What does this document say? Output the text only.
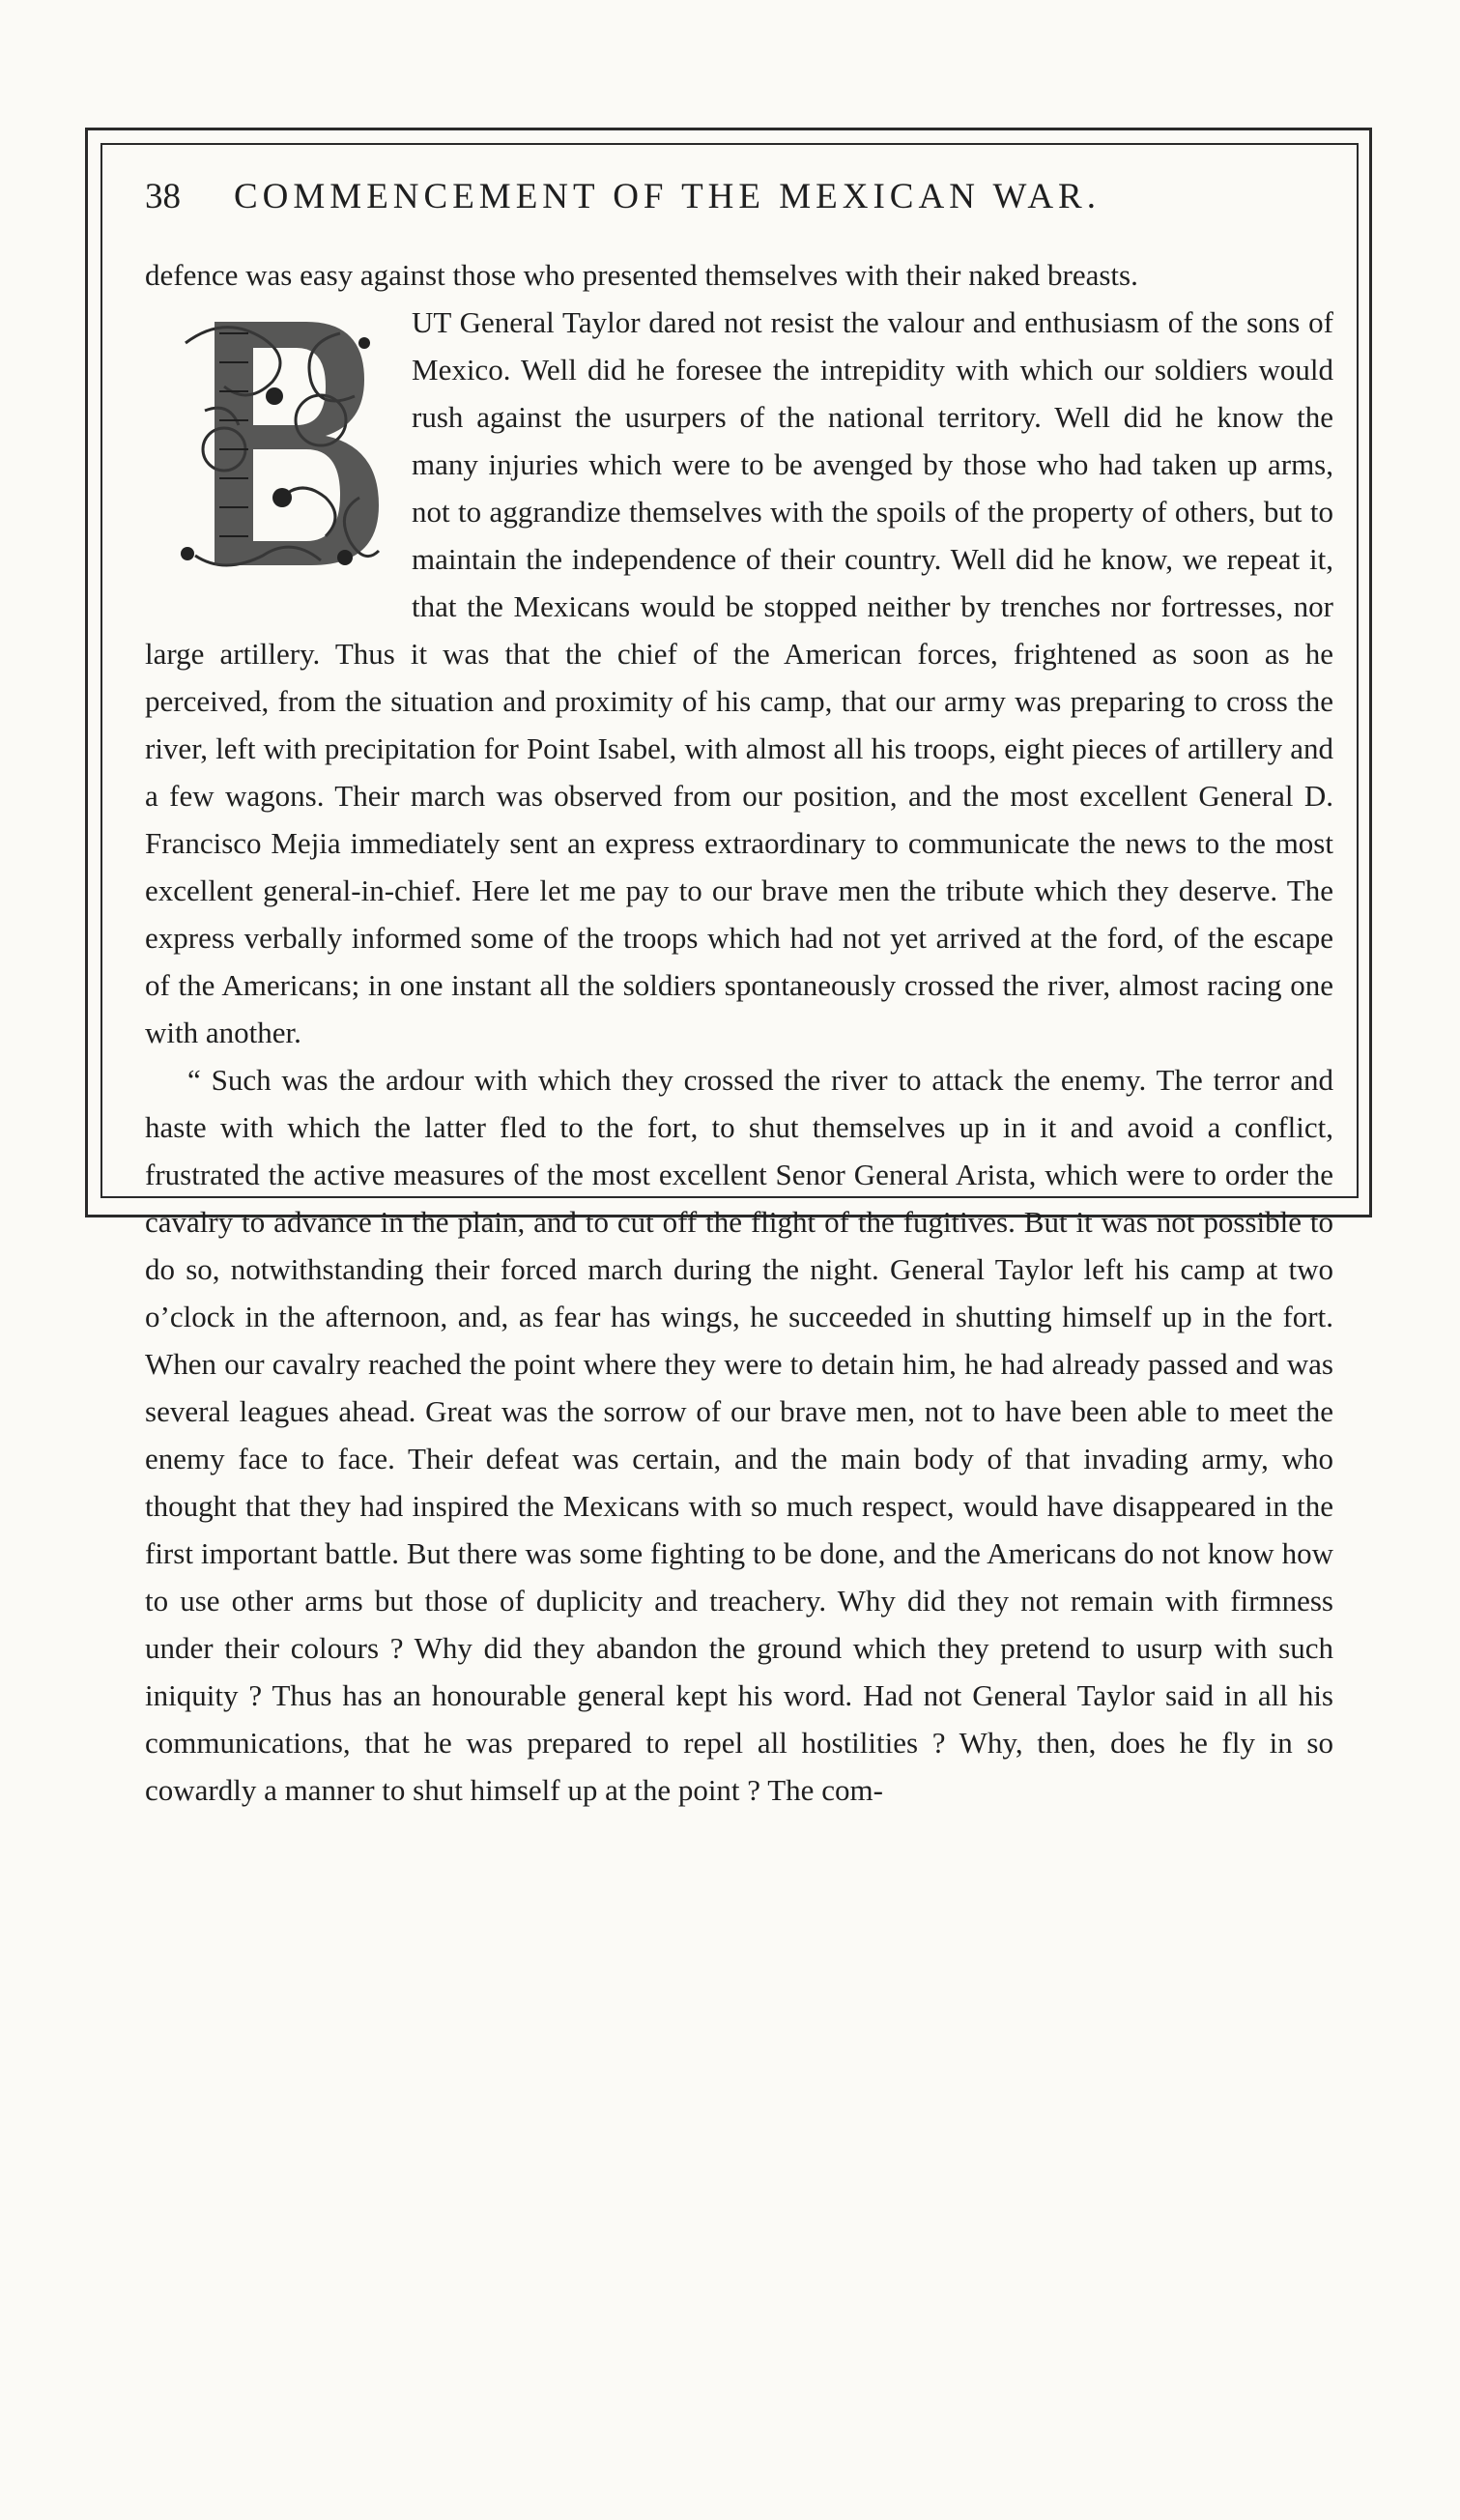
38 COMMENCEMENT OF THE MEXICAN WAR.

defence was easy against those who presented themselves with their naked breasts.

UT General Taylor dared not resist the valour and enthusiasm of the sons of Mexico. Well did he foresee the intrepidity with which our soldiers would rush against the usurpers of the national territory. Well did he know the many injuries which were to be avenged by those who had taken up arms, not to aggrandize themselves with the spoils of the property of others, but to maintain the independence of their country. Well did he know, we repeat it, that the Mexicans would be stopped neither by trenches nor fortresses, nor large artillery. Thus it was that the chief of the American forces, frightened as soon as he perceived, from the situation and proximity of his camp, that our army was preparing to cross the river, left with precipitation for Point Isabel, with almost all his troops, eight pieces of artillery and a few wagons. Their march was observed from our position, and the most excellent General D. Francisco Mejia immediately sent an express extraordinary to communicate the news to the most excellent general-in-chief. Here let me pay to our brave men the tribute which they deserve. The express verbally informed some of the troops which had not yet arrived at the ford, of the escape of the Americans; in one instant all the soldiers spontaneously crossed the river, almost racing one with another.

“ Such was the ardour with which they crossed the river to attack the enemy. The terror and haste with which the latter fled to the fort, to shut themselves up in it and avoid a conflict, frustrated the active measures of the most excellent Senor General Arista, which were to order the cavalry to advance in the plain, and to cut off the flight of the fugitives. But it was not possible to do so, notwithstanding their forced march during the night. General Taylor left his camp at two o’clock in the afternoon, and, as fear has wings, he succeeded in shutting himself up in the fort. When our cavalry reached the point where they were to detain him, he had already passed and was several leagues ahead. Great was the sorrow of our brave men, not to have been able to meet the enemy face to face. Their defeat was certain, and the main body of that invading army, who thought that they had inspired the Mexicans with so much respect, would have disappeared in the first important battle. But there was some fighting to be done, and the Americans do not know how to use other arms but those of duplicity and treachery. Why did they not remain with firmness under their colours ? Why did they abandon the ground which they pretend to usurp with such iniquity ? Thus has an honourable general kept his word. Had not General Taylor said in all his communications, that he was prepared to repel all hostilities ? Why, then, does he fly in so cowardly a manner to shut himself up at the point ? The com-
